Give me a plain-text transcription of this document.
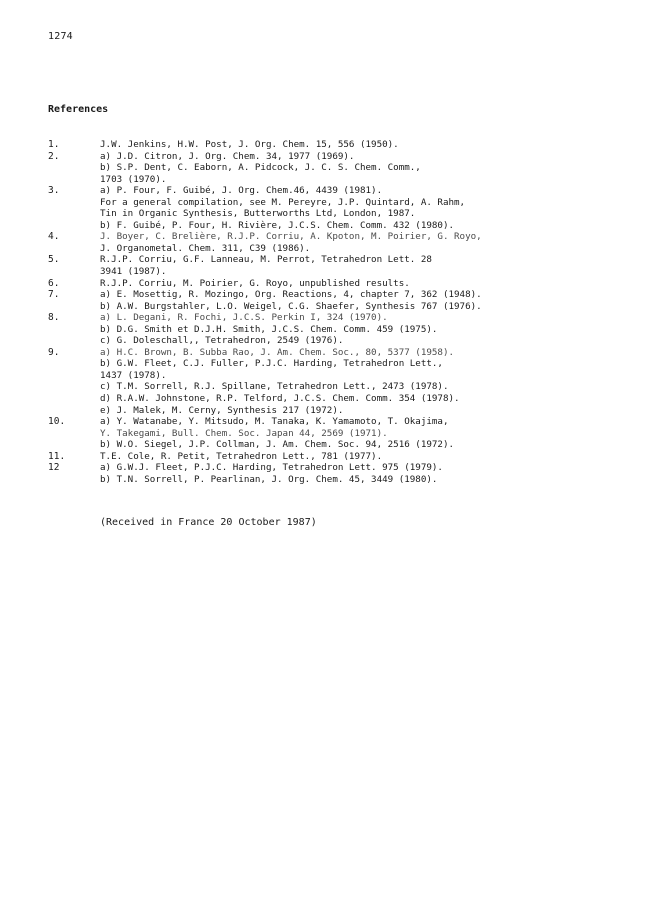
1274
References
1.	J.W. Jenkins, H.W. Post, J. Org. Chem. 15, 556 (1950).
2.	a) J.D. Citron, J. Org. Chem. 34, 1977 (1969).
b) S.P. Dent, C. Eaborn, A. Pidcock, J. C. S. Chem. Comm.,
1703 (1970).
3.	a) P. Four, F. Guibé, J. Org. Chem.46, 4439 (1981).
For a general compilation, see M. Pereyre, J.P. Quintard, A. Rahm,
Tin in Organic Synthesis, Butterworths Ltd, London, 1987.
b) F. Guibé, P. Four, H. Rivière, J.C.S. Chem. Comm. 432 (1980).
4.	J. Boyer, C. Brelière, R.J.P. Corriu, A. Kpoton, M. Poirier, G. Royo,
J. Organometal. Chem. 311, C39 (1986).
5.	R.J.P. Corriu, G.F. Lanneau, M. Perrot, Tetrahedron Lett. 28
3941 (1987).
6.	R.J.P. Corriu, M. Poirier, G. Royo, unpublished results.
7.	a) E. Mosettig, R. Mozingo, Org. Reactions, 4, chapter 7, 362 (1948).
b) A.W. Burgstahler, L.O. Weigel, C.G. Shaefer, Synthesis 767 (1976).
8.	a) L. Degani, R. Fochi, J.C.S. Perkin I, 324 (1970).
b) D.G. Smith et D.J.H. Smith, J.C.S. Chem. Comm. 459 (1975).
c) G. Doleschall,, Tetrahedron, 2549 (1976).
9.	a) H.C. Brown, B. Subba Rao, J. Am. Chem. Soc., 80, 5377 (1958).
b) G.W. Fleet, C.J. Fuller, P.J.C. Harding, Tetrahedron Lett.,
1437 (1978).
c) T.M. Sorrell, R.J. Spillane, Tetrahedron Lett., 2473 (1978).
d) R.A.W. Johnstone, R.P. Telford, J.C.S. Chem. Comm. 354 (1978).
e) J. Malek, M. Cerny, Synthesis 217 (1972).
10.	a) Y. Watanabe, Y. Mitsudo, M. Tanaka, K. Yamamoto, T. Okajima,
Y. Takegami, Bull. Chem. Soc. Japan 44, 2569 (1971).
b) W.O. Siegel, J.P. Collman, J. Am. Chem. Soc. 94, 2516 (1972).
11.	T.E. Cole, R. Petit, Tetrahedron Lett., 781 (1977).
12	a) G.W.J. Fleet, P.J.C. Harding, Tetrahedron Lett. 975 (1979).
b) T.N. Sorrell, P. Pearlinan, J. Org. Chem. 45, 3449 (1980).
(Received in France 20 October 1987)
